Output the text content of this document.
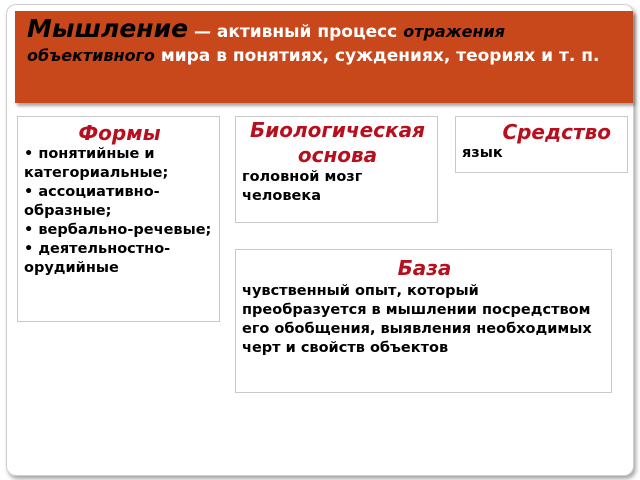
Мышление — активный процесс отражения объективного мира в понятиях, суждениях, теориях и т. п.

Формы

• понятийные и категориальные;
• ассоциативно-образные;
• вербально-речевые;
• деятельностно-орудийные

Биологическая основа

головной мозг человека

Средство

язык

База

чувственный опыт, который преобразуется в мышлении посредством его обобщения, выявления необходимых черт и свойств объектов
